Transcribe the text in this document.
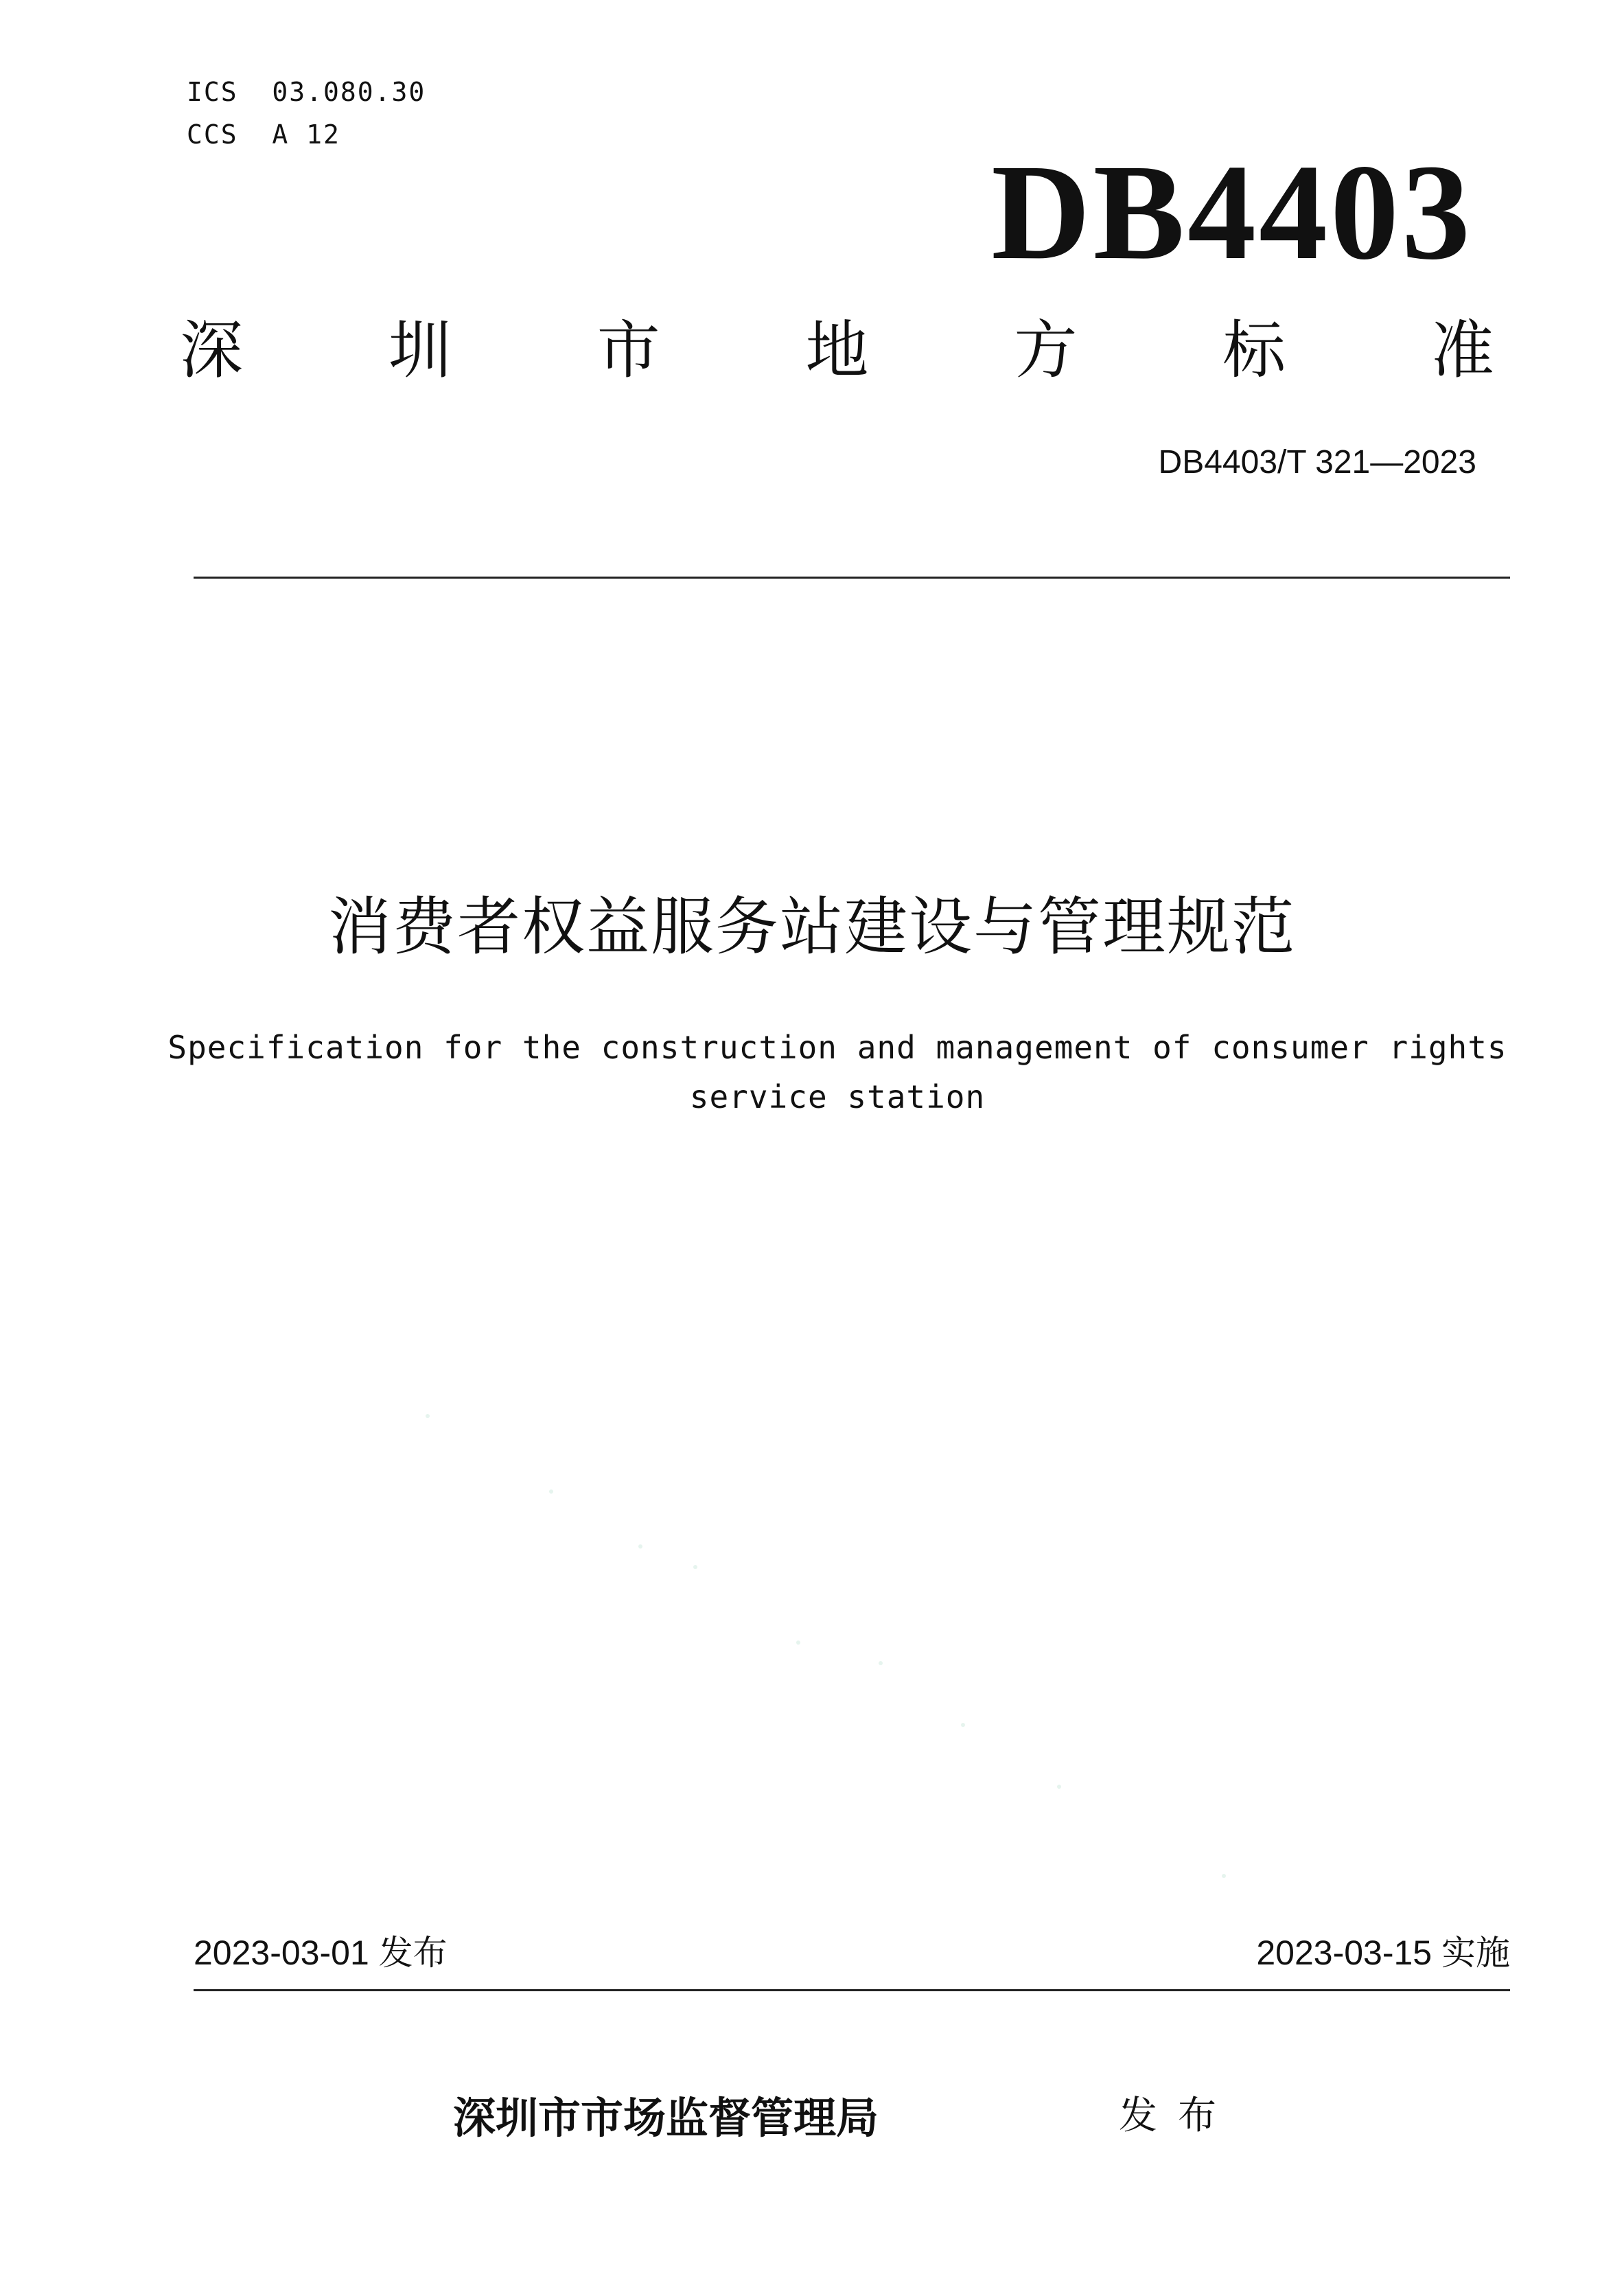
ICS  03.080.30
CCS  A 12
DB4403
深 圳 市 地 方 标 准
DB4403/T 321—2023
消费者权益服务站建设与管理规范
Specification for the construction and management of consumer rights
service station
2023-03-01 发布	2023-03-15 实施
深圳市市场监督管理局	发布
